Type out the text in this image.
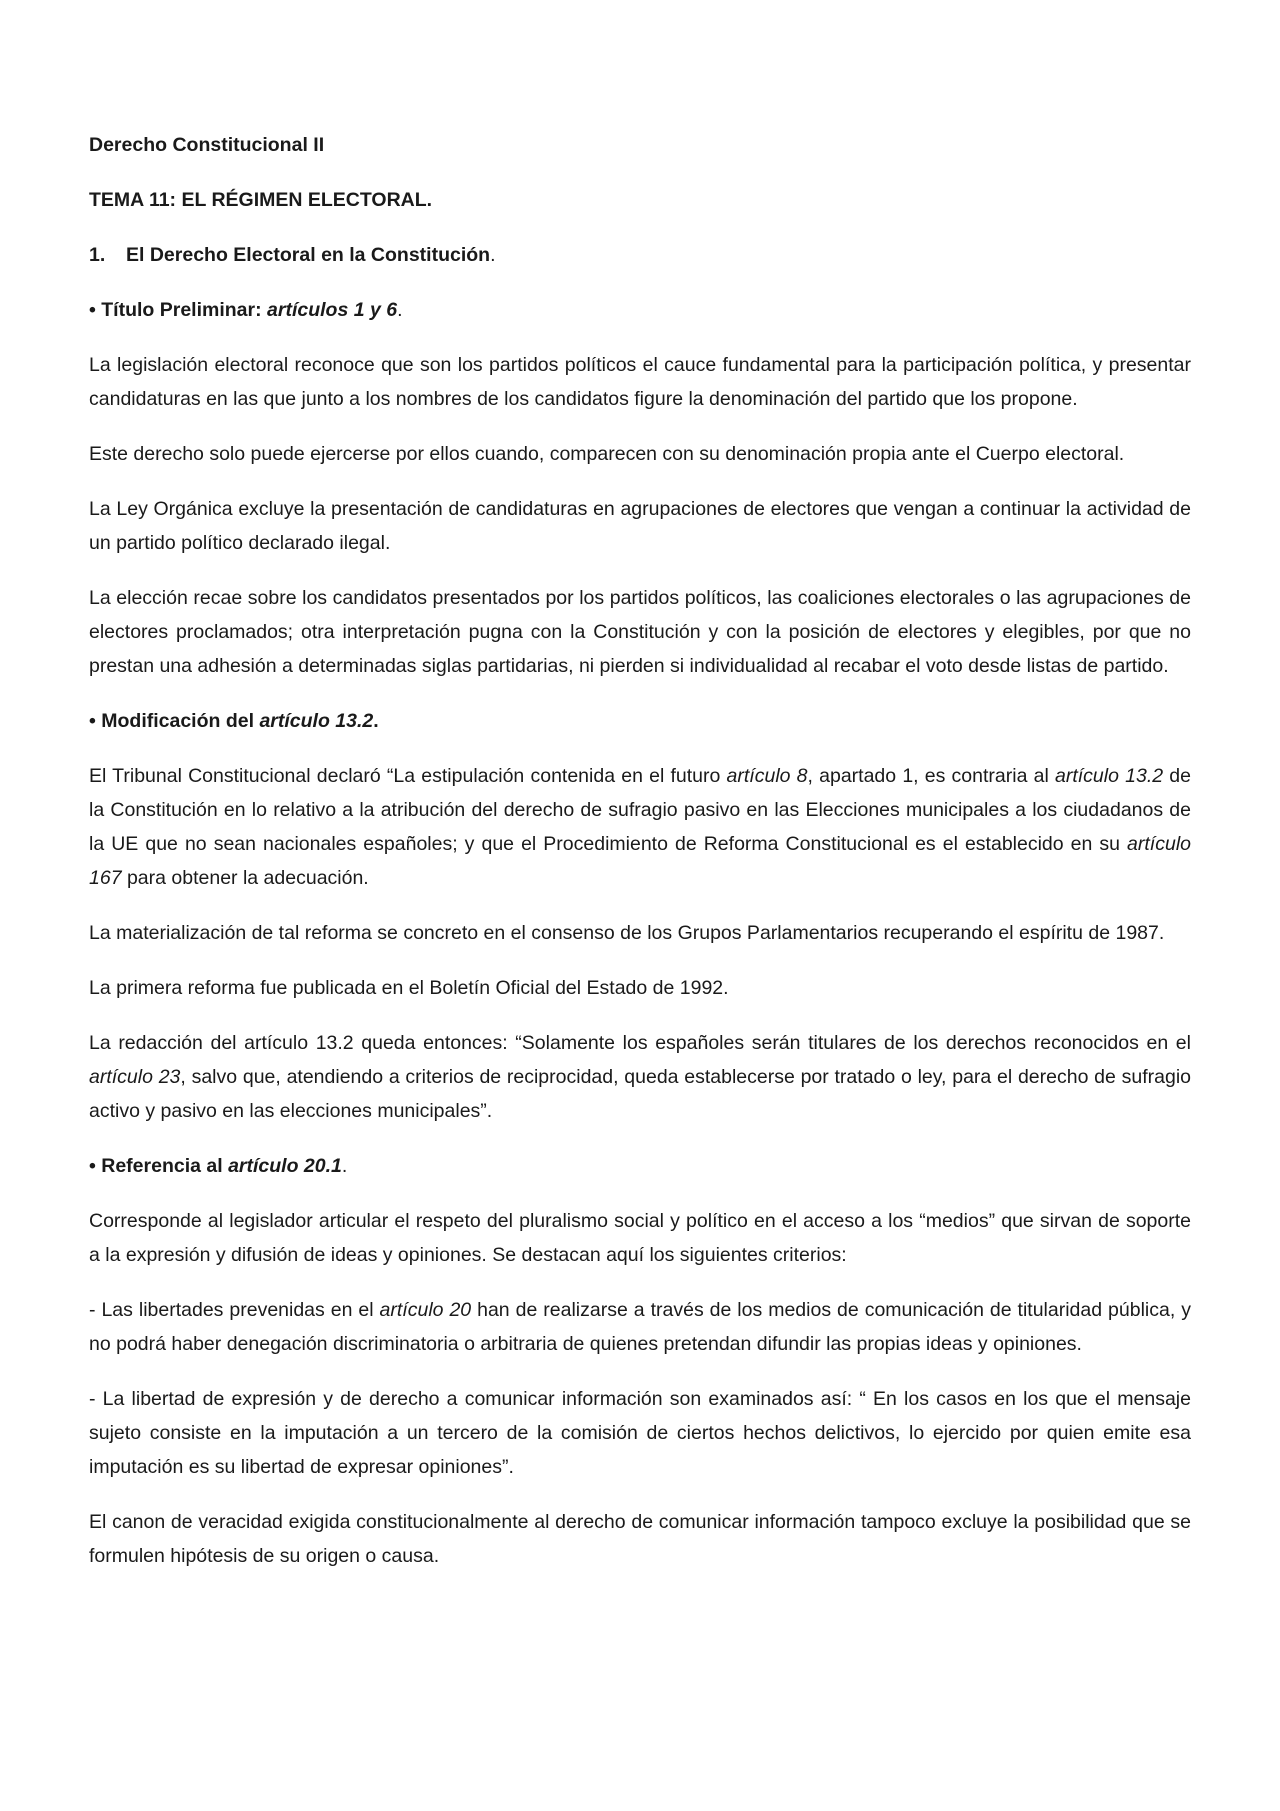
Derecho Constitucional II

TEMA 11: EL RÉGIMEN ELECTORAL.

1. El Derecho Electoral en la Constitución.

• Título Preliminar: artículos 1 y 6.

La legislación electoral reconoce que son los partidos políticos el cauce fundamental para la participación política, y presentar candidaturas en las que junto a los nombres de los candidatos figure la denominación del partido que los propone.

Este derecho solo puede ejercerse por ellos cuando, comparecen con su denominación propia ante el Cuerpo electoral.

La Ley Orgánica excluye la presentación de candidaturas en agrupaciones de electores que vengan a continuar la actividad de un partido político declarado ilegal.

La elección recae sobre los candidatos presentados por los partidos políticos, las coaliciones electorales o las agrupaciones de electores proclamados; otra interpretación pugna con la Constitución y con la posición de electores y elegibles, por que no prestan una adhesión a determinadas siglas partidarias, ni pierden si individualidad al recabar el voto desde listas de partido.

• Modificación del artículo 13.2.

El Tribunal Constitucional declaró “La estipulación contenida en el futuro artículo 8, apartado 1, es contraria al artículo 13.2 de la Constitución en lo relativo a la atribución del derecho de sufragio pasivo en las Elecciones municipales a los ciudadanos de la UE que no sean nacionales españoles; y que el Procedimiento de Reforma Constitucional es el establecido en su artículo 167 para obtener la adecuación.

La materialización de tal reforma se concreto en el consenso de los Grupos Parlamentarios recuperando el espíritu de 1987.

La primera reforma fue publicada en el Boletín Oficial del Estado de 1992.

La redacción del artículo 13.2 queda entonces: “Solamente los españoles serán titulares de los derechos reconocidos en el artículo 23, salvo que, atendiendo a criterios de reciprocidad, queda establecerse por tratado o ley, para el derecho de sufragio activo y pasivo en las elecciones municipales”.

• Referencia al artículo 20.1.

Corresponde al legislador articular el respeto del pluralismo social y político en el acceso a los “medios” que sirvan de soporte a la expresión y difusión de ideas y opiniones. Se destacan aquí los siguientes criterios:

- Las libertades prevenidas en el artículo 20 han de realizarse a través de los medios de comunicación de titularidad pública, y no podrá haber denegación discriminatoria o arbitraria de quienes pretendan difundir las propias ideas y opiniones.

- La libertad de expresión y de derecho a comunicar información son examinados así: “ En los casos en los que el mensaje sujeto consiste en la imputación a un tercero de la comisión de ciertos hechos delictivos, lo ejercido por quien emite esa imputación es su libertad de expresar opiniones”.

El canon de veracidad exigida constitucionalmente al derecho de comunicar información tampoco excluye la posibilidad que se formulen hipótesis de su origen o causa.
